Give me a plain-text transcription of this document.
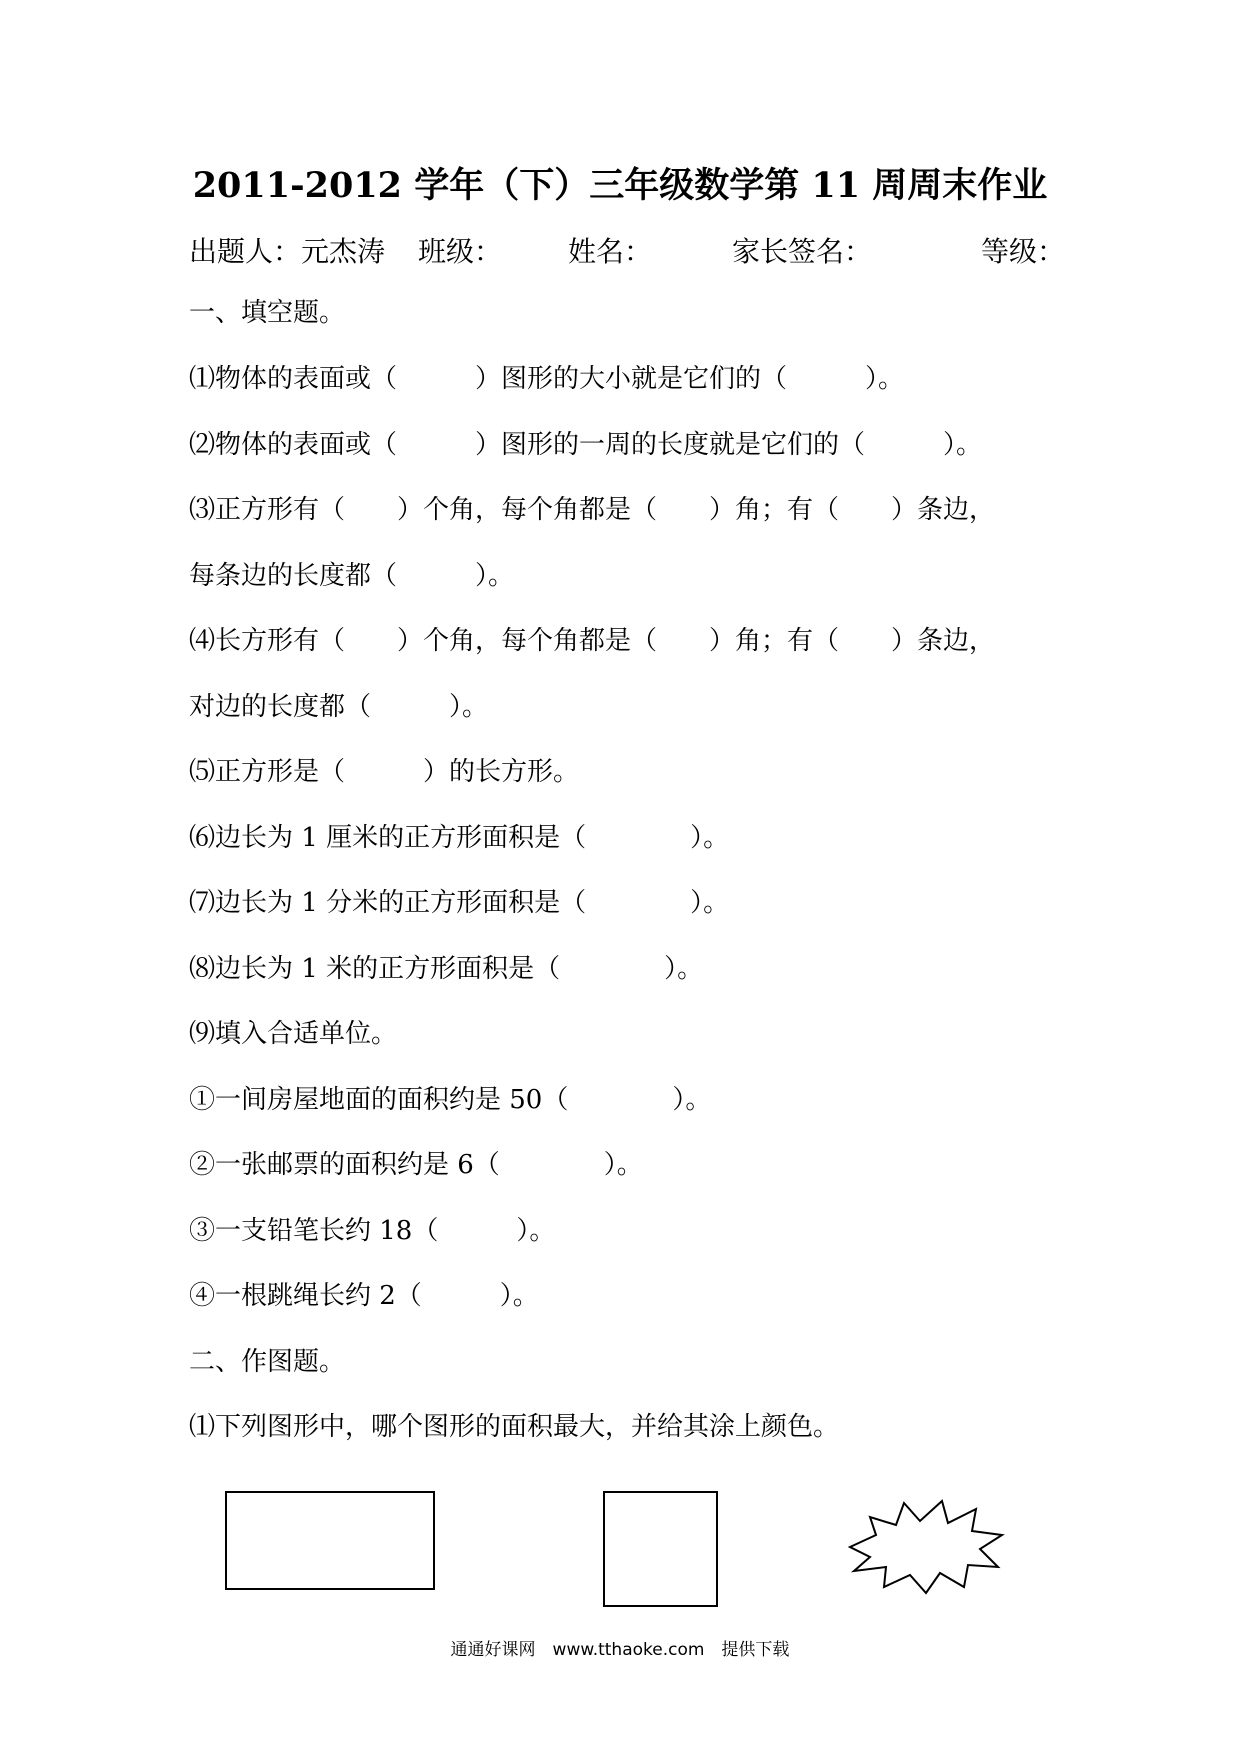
2011-2012 学年（下）三年级数学第 11 周周末作业
出题人：元杰涛 班级： 姓名：	家长签名：	等级：
一、填空题。
⑴物体的表面或（　　　）图形的大小就是它们的（　　　）。
⑵物体的表面或（　　　）图形的一周的长度就是它们的（　　　）。
⑶正方形有（　　）个角，每个角都是（　　）角；有（　　）条边，
每条边的长度都（　　　）。
⑷长方形有（　　）个角，每个角都是（　　）角；有（　　）条边，
对边的长度都（　　　）。
⑸正方形是（　　　）的长方形。
⑹边长为 1 厘米的正方形面积是（　　　　）。
⑺边长为 1 分米的正方形面积是（　　　　）。
⑻边长为 1 米的正方形面积是（　　　　）。
⑼填入合适单位。
①一间房屋地面的面积约是 50（　　　　）。
②一张邮票的面积约是 6（　　　　）。
③一支铅笔长约 18（　　　）。
④一根跳绳长约 2（　　　）。
二、作图题。
⑴下列图形中，哪个图形的面积最大，并给其涂上颜色。
通通好课网　www.tthaoke.com　提供下载
